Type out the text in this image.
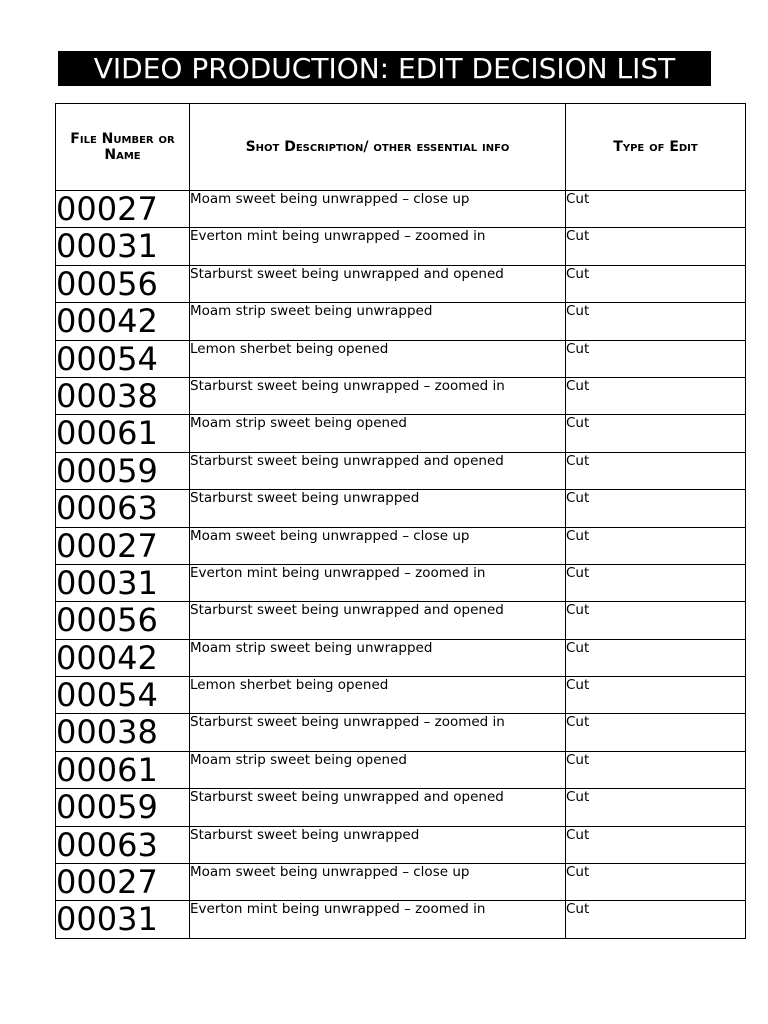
VIDEO PRODUCTION: EDIT DECISION LIST
File Number or Name	Shot Description/ other essential info	Type of Edit
00027	Moam sweet being unwrapped – close up	Cut
00031	Everton mint being unwrapped – zoomed in	Cut
00056	Starburst sweet being unwrapped and opened	Cut
00042	Moam strip sweet being unwrapped	Cut
00054	Lemon sherbet being opened	Cut
00038	Starburst sweet being unwrapped – zoomed in	Cut
00061	Moam strip sweet being opened	Cut
00059	Starburst sweet being unwrapped and opened	Cut
00063	Starburst sweet being unwrapped	Cut
00027	Moam sweet being unwrapped – close up	Cut
00031	Everton mint being unwrapped – zoomed in	Cut
00056	Starburst sweet being unwrapped and opened	Cut
00042	Moam strip sweet being unwrapped	Cut
00054	Lemon sherbet being opened	Cut
00038	Starburst sweet being unwrapped – zoomed in	Cut
00061	Moam strip sweet being opened	Cut
00059	Starburst sweet being unwrapped and opened	Cut
00063	Starburst sweet being unwrapped	Cut
00027	Moam sweet being unwrapped – close up	Cut
00031	Everton mint being unwrapped – zoomed in	Cut
